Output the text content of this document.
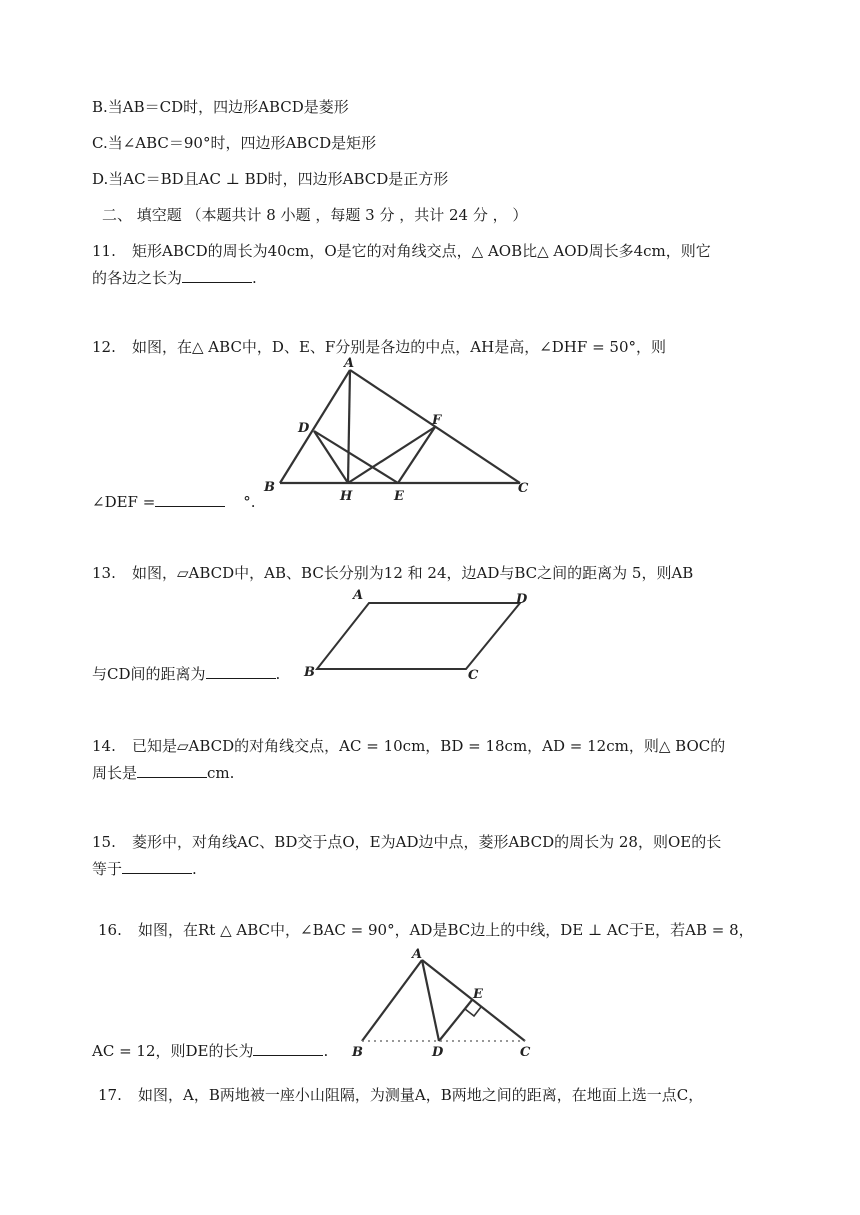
B.当AB＝CD时，四边形ABCD是菱形
C.当∠ABC＝90°时，四边形ABCD是矩形
D.当AC＝BD且AC ⊥ BD时，四边形ABCD是正方形
二、 填空题 （本题共计 8 小题 ，每题 3 分 ，共计 24 分 ， ）
11. 矩形ABCD的周长为40cm，O是它的对角线交点，△ AOB比△ AOD周长多4cm，则它
的各边之长为	.
12. 如图，在△ ABC中，D、E、F分别是各边的中点，AH是高，∠DHF = 50°，则
∠DEF =	°.
A
B	C
D
E
F
H
13. 如图，▱ABCD中，AB、BC长分别为12 和 24，边AD与BC之间的距离为 5，则AB
与CD间的距离为	.
A
B	C
D
14. 已知是▱ABCD的对角线交点，AC = 10cm，BD = 18cm，AD = 12cm，则△ BOC的
周长是	cm.
15. 菱形中，对角线AC、BD交于点O，E为AD边中点，菱形ABCD的周长为 28，则OE的长
等于	.
16. 如图，在Rt △ ABC中，∠BAC = 90°，AD是BC边上的中线，DE ⊥ AC于E，若AB = 8，
AC = 12，则DE的长为	.
A
B	C
D
E
17. 如图，A，B两地被一座小山阻隔，为测量A，B两地之间的距离，在地面上选一点C，
